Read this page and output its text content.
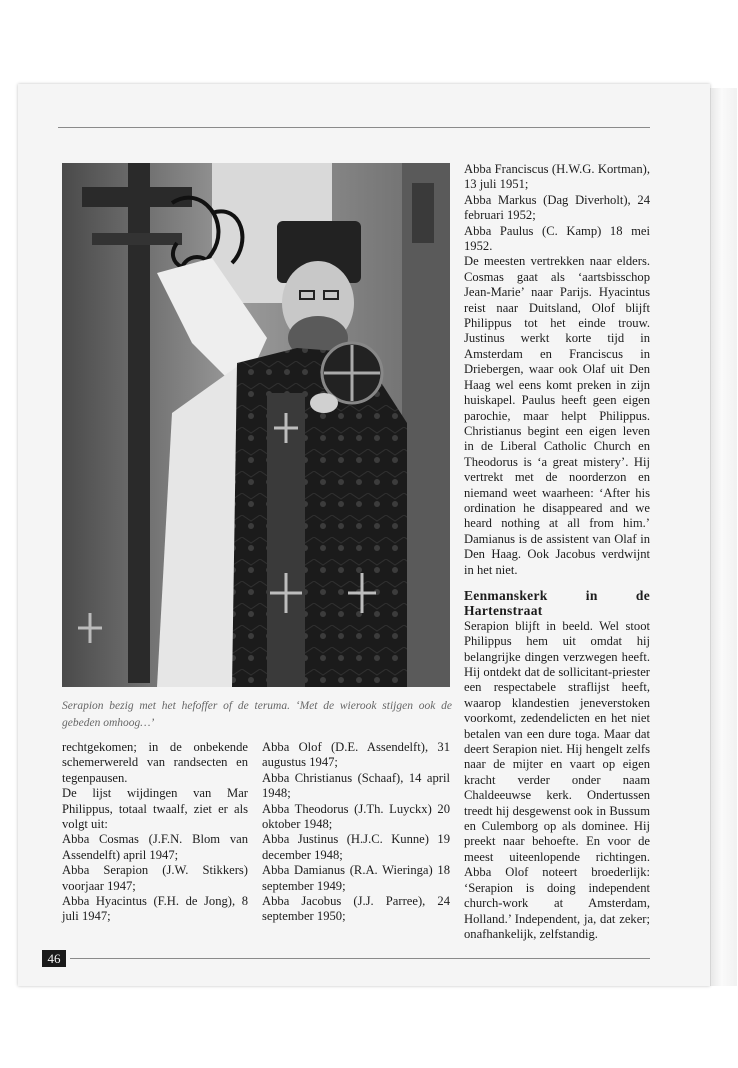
Serapion bezig met het hefoffer of de teruma. ‘Met de wierook stijgen ook de gebeden omhoog…’

rechtgekomen; in de onbekende schemerwereld van randsecten en tegenpausen.

De lijst wijdingen van Mar Philippus, totaal twaalf, ziet er als volgt uit:

Abba Cosmas (J.F.N. Blom van Assendelft) april 1947;

Abba Serapion (J.W. Stikkers) voorjaar 1947;

Abba Hyacintus (F.H. de Jong), 8 juli 1947;

Abba Olof (D.E. Assendelft), 31 augustus 1947;

Abba Christianus (Schaaf), 14 april 1948;

Abba Theodorus (J.Th. Luyckx) 20 oktober 1948;

Abba Justinus (H.J.C. Kunne) 19 december 1948;

Abba Damianus (R.A. Wieringa) 18 september 1949;

Abba Jacobus (J.J. Parree), 24 september 1950;

Abba Franciscus (H.W.G. Kortman), 13 juli 1951;

Abba Markus (Dag Diverholt), 24 februari 1952;

Abba Paulus (C. Kamp) 18 mei 1952.

De meesten vertrekken naar elders. Cosmas gaat als ‘aartsbisschop Jean-Marie’ naar Parijs. Hyacintus reist naar Duitsland, Olof blijft Philippus tot het einde trouw. Justinus werkt korte tijd in Amsterdam en Franciscus in Driebergen, waar ook Olaf uit Den Haag wel eens komt preken in zijn huiskapel. Paulus heeft geen eigen parochie, maar helpt Philippus. Christianus begint een eigen leven in de Liberal Catholic Church en Theodorus is ‘a great mistery’. Hij vertrekt met de noorderzon en niemand weet waarheen: ‘After his ordination he disappeared and we heard nothing at all from him.’ Damianus is de assistent van Olaf in Den Haag. Ook Jacobus verdwijnt in het niet.

Eenmanskerk in de Hartenstraat

Serapion blijft in beeld. Wel stoot Philippus hem uit omdat hij belangrijke dingen verzwegen heeft. Hij ontdekt dat de sollicitant-priester een respectabele straflijst heeft, waarop klandestien jeneverstoken voorkomt, zedendelicten en het niet betalen van een dure toga. Maar dat deert Serapion niet. Hij hengelt zelfs naar de mijter en vaart op eigen kracht verder onder naam Chaldeeuwse kerk. Ondertussen treedt hij desgewenst ook in Bussum en Culemborg op als dominee. Hij preekt naar behoefte. En voor de meest uiteenlopende richtingen. Abba Olof noteert broederlijk: ‘Serapion is doing independent church-work at Amsterdam, Holland.’ Independent, ja, dat zeker; onafhankelijk, zelfstandig.

46
